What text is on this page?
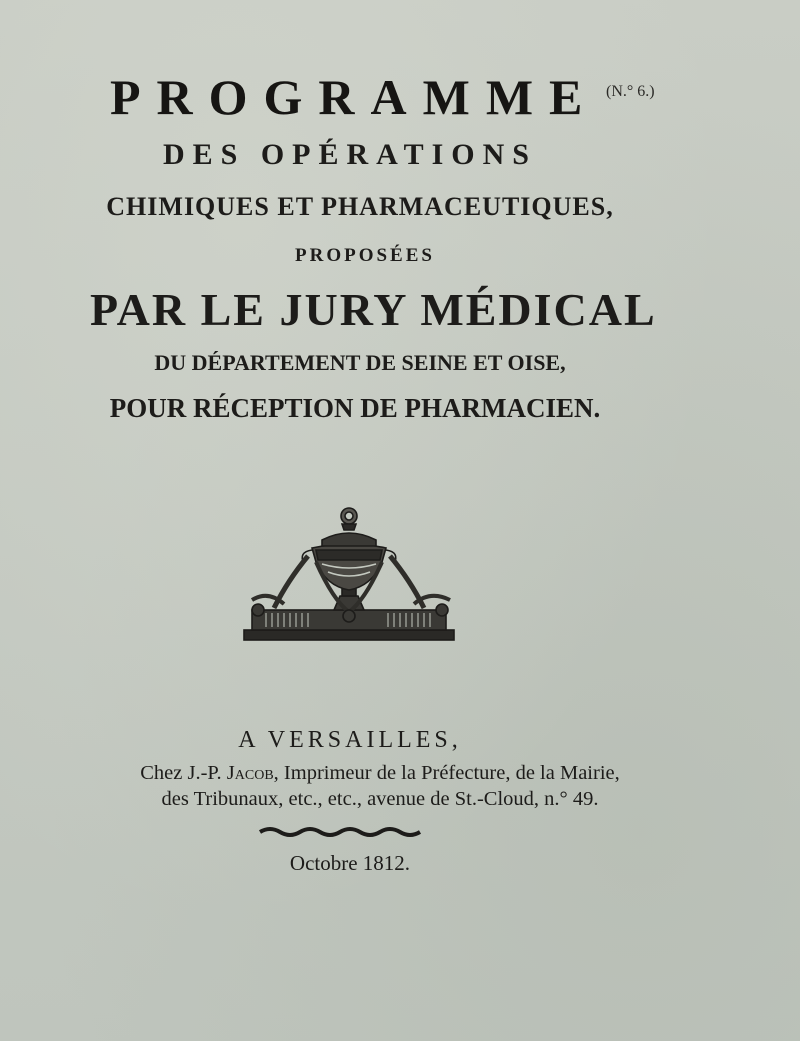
PROGRAMME (N.° 6.)
DES OPÉRATIONS
CHIMIQUES ET PHARMACEUTIQUES,
PROPOSÉES
PAR LE JURY MÉDICAL
DU DÉPARTEMENT DE SEINE ET OISE,
POUR RÉCEPTION DE PHARMACIEN.
A VERSAILLES,
Chez J.-P. Jacob, Imprimeur de la Préfecture, de la Mairie,
des Tribunaux, etc., etc., avenue de St.-Cloud, n.° 49.
Octobre 1812.
